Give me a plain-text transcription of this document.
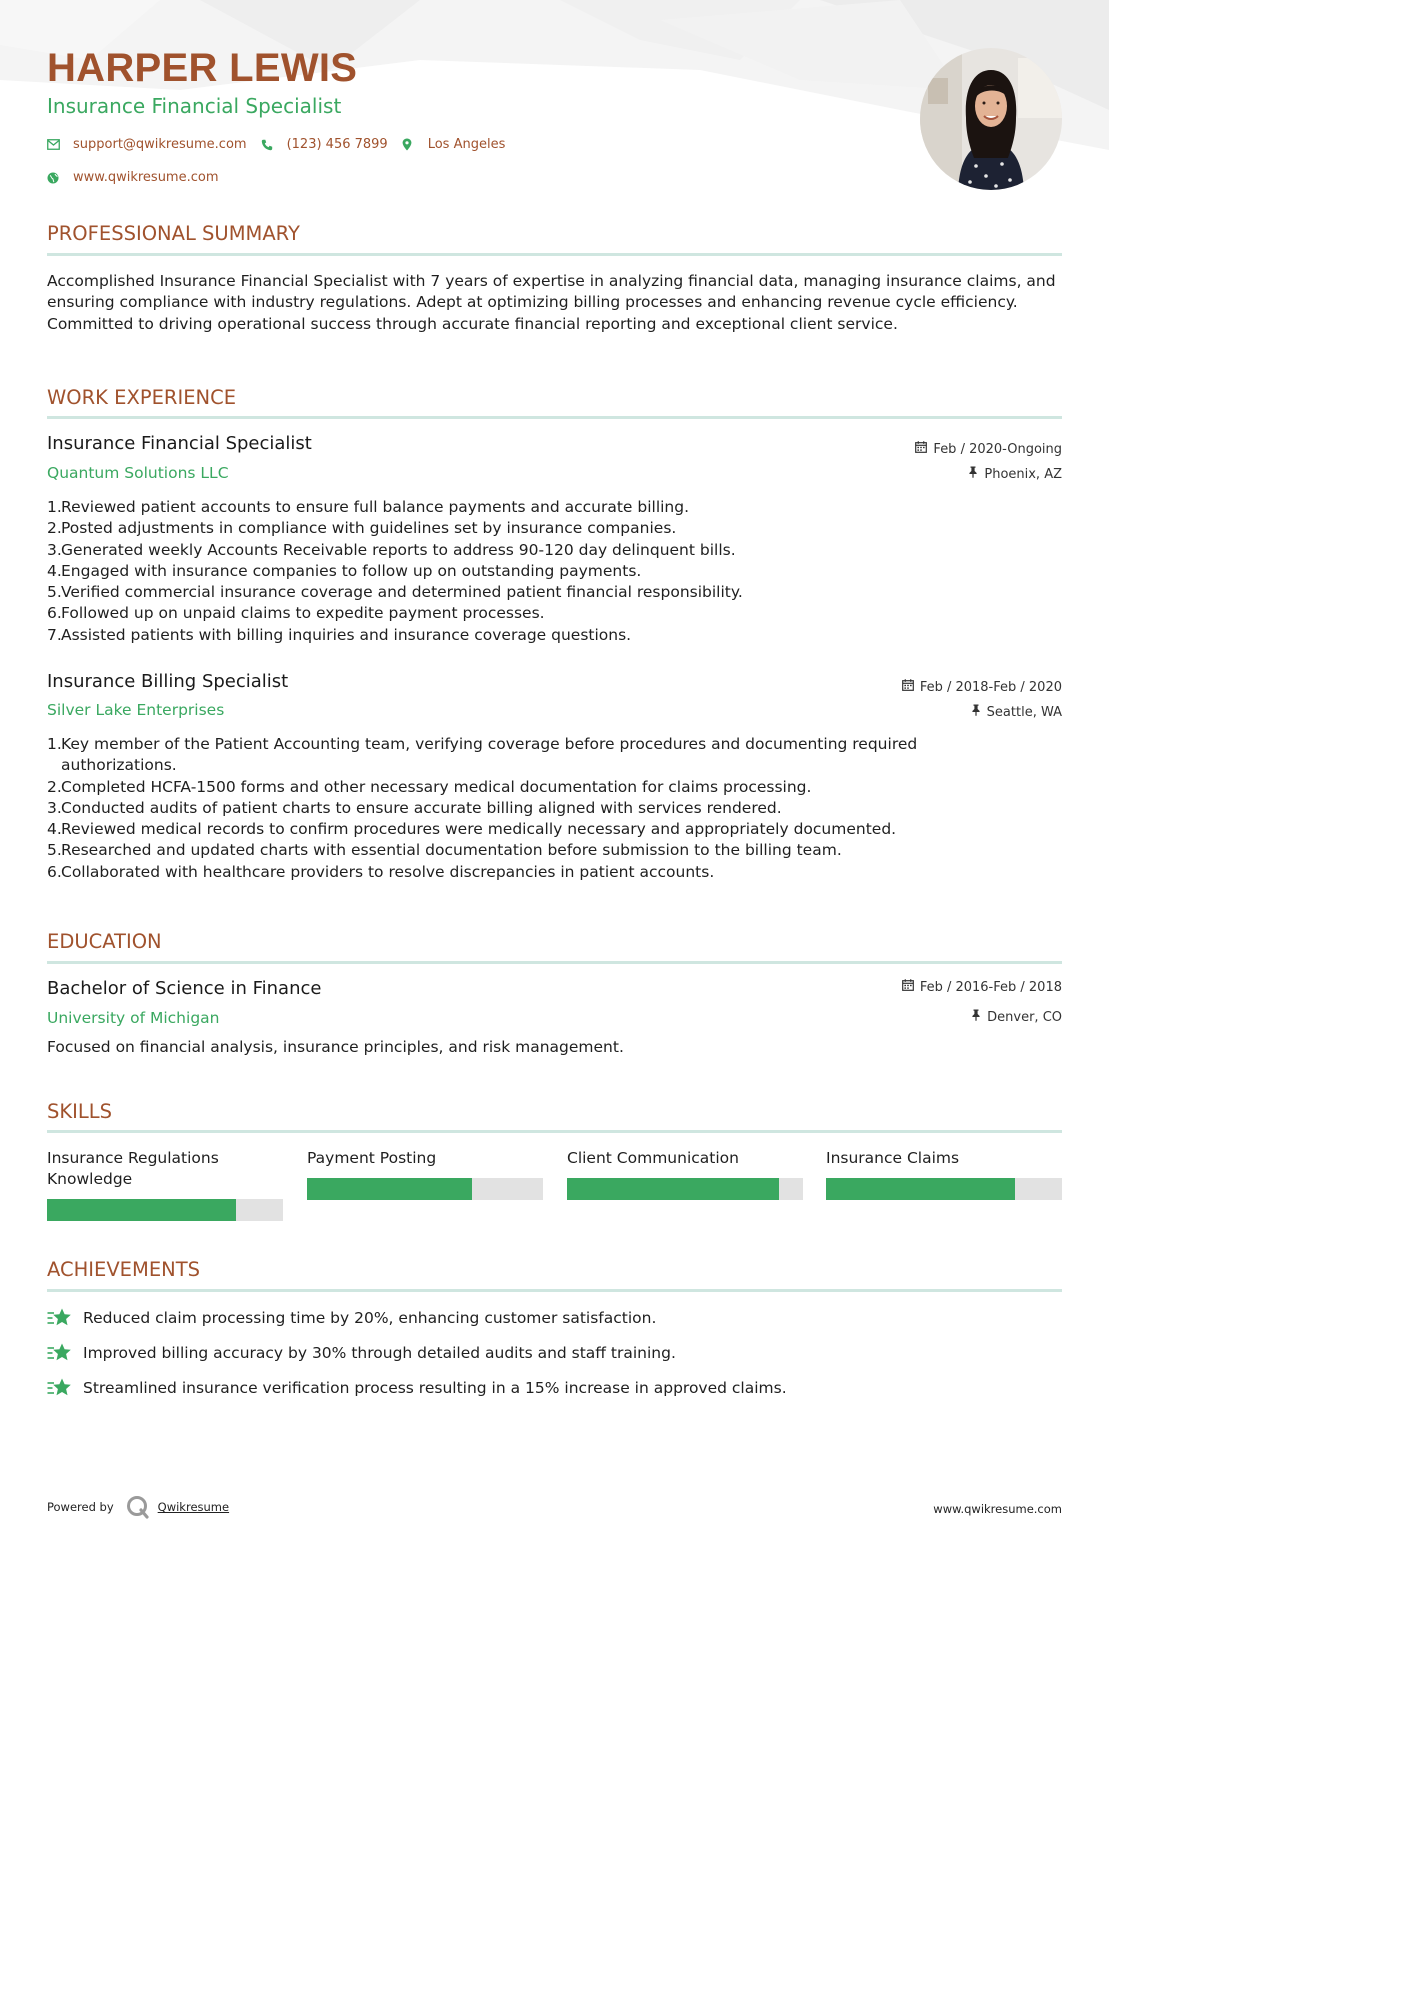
HARPER LEWIS
Insurance Financial Specialist
support@qwikresume.com	(123) 456 7899	Los Angeles
www.qwikresume.com
PROFESSIONAL SUMMARY
Accomplished Insurance Financial Specialist with 7 years of expertise in analyzing financial data, managing insurance claims, and ensuring compliance with industry regulations. Adept at optimizing billing processes and enhancing revenue cycle efficiency. Committed to driving operational success through accurate financial reporting and exceptional client service.
WORK EXPERIENCE
Insurance Financial Specialist
Quantum Solutions LLC
Feb / 2020-Ongoing
Phoenix, AZ
1. Reviewed patient accounts to ensure full balance payments and accurate billing.
2. Posted adjustments in compliance with guidelines set by insurance companies.
3. Generated weekly Accounts Receivable reports to address 90-120 day delinquent bills.
4. Engaged with insurance companies to follow up on outstanding payments.
5. Verified commercial insurance coverage and determined patient financial responsibility.
6. Followed up on unpaid claims to expedite payment processes.
7. Assisted patients with billing inquiries and insurance coverage questions.
Insurance Billing Specialist
Silver Lake Enterprises
Feb / 2018-Feb / 2020
Seattle, WA
1. Key member of the Patient Accounting team, verifying coverage before procedures and documenting required authorizations.
2. Completed HCFA-1500 forms and other necessary medical documentation for claims processing.
3. Conducted audits of patient charts to ensure accurate billing aligned with services rendered.
4. Reviewed medical records to confirm procedures were medically necessary and appropriately documented.
5. Researched and updated charts with essential documentation before submission to the billing team.
6. Collaborated with healthcare providers to resolve discrepancies in patient accounts.
EDUCATION
Bachelor of Science in Finance
University of Michigan
Feb / 2016-Feb / 2018
Denver, CO
Focused on financial analysis, insurance principles, and risk management.
SKILLS
Insurance Regulations Knowledge
Payment Posting	Client Communication	Insurance Claims
ACHIEVEMENTS
Reduced claim processing time by 20%, enhancing customer satisfaction.
Improved billing accuracy by 30% through detailed audits and staff training.
Streamlined insurance verification process resulting in a 15% increase in approved claims.
Powered by	Qwikresume	www.qwikresume.com
